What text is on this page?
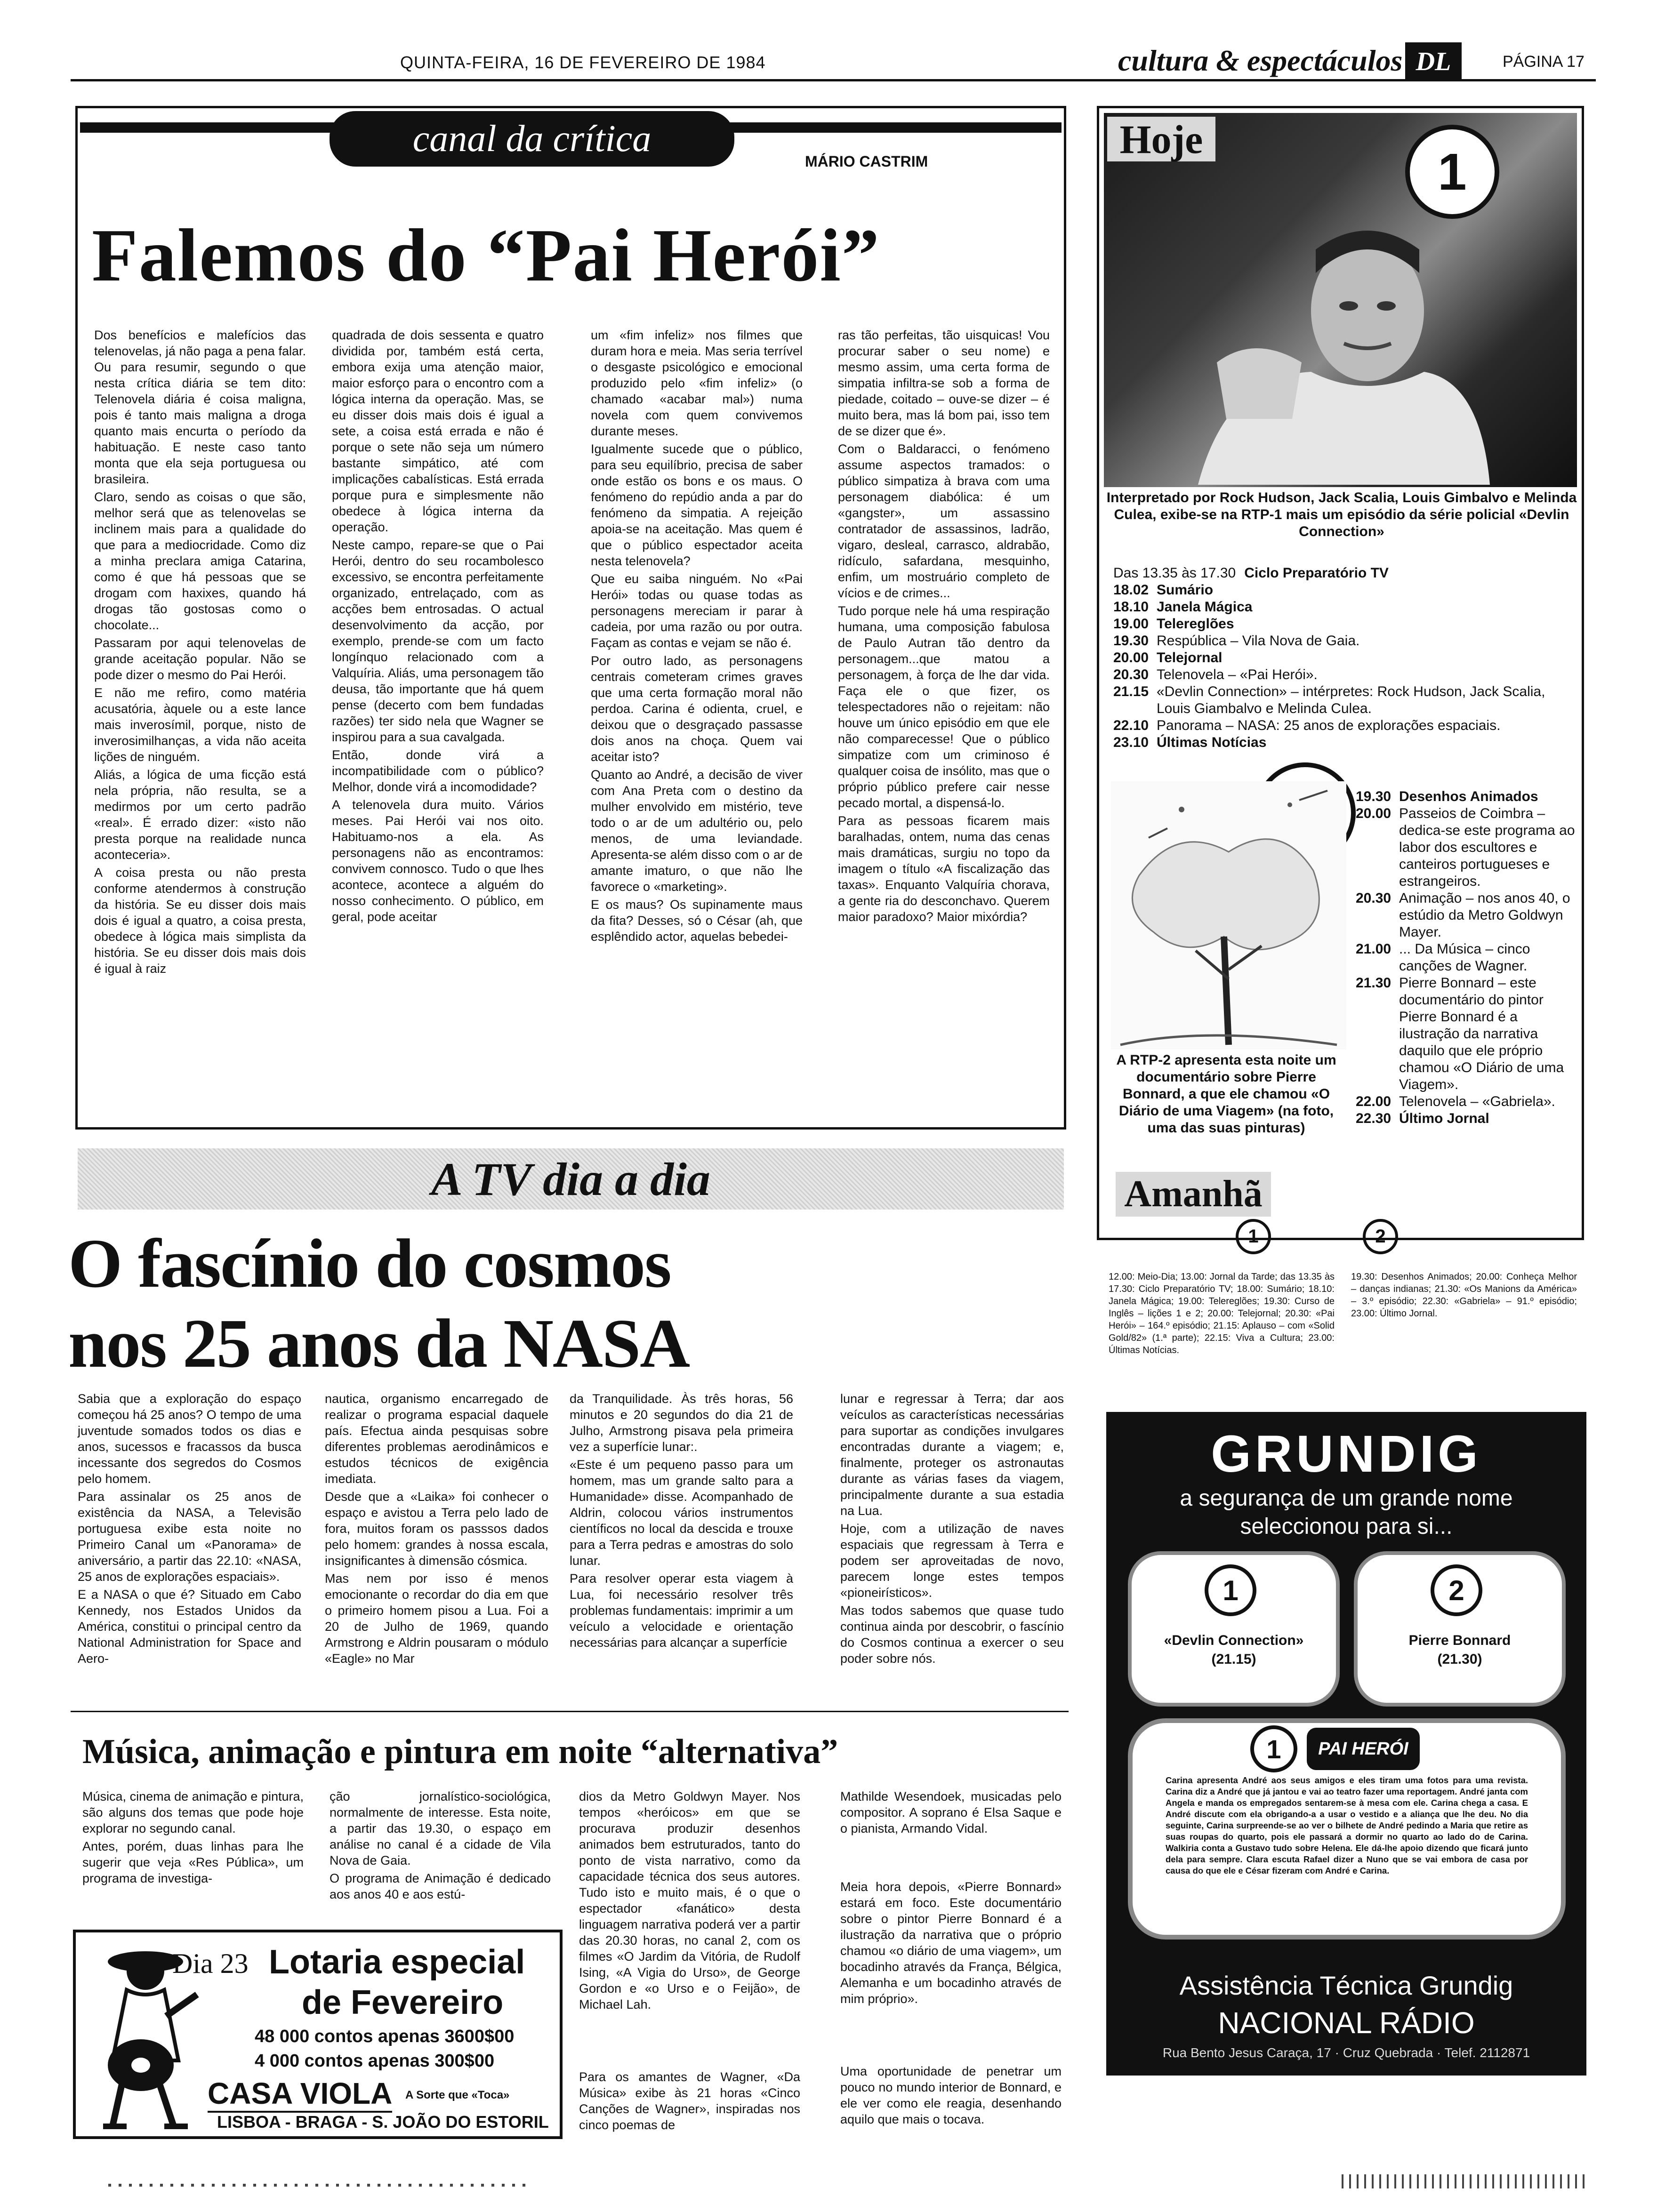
QUINTA-FEIRA, 16 DE FEVEREIRO DE 1984	cultura & espectáculos DL	PÁGINA 17
canal da crítica
MÁRIO CASTRIM
Falemos do “Pai Herói”

Dos benefícios e malefícios das telenovelas, já não paga a pena falar. Ou para resumir, segundo o que nesta crítica diária se tem dito: Telenovela diária é coisa maligna, pois é tanto mais maligna a droga quanto mais encurta o período da habituação. E neste caso tanto monta que ela seja portuguesa ou brasileira.

Claro, sendo as coisas o que são, melhor será que as telenovelas se inclinem mais para a qualidade do que para a mediocridade. Como diz a minha preclara amiga Catarina, como é que há pessoas que se drogam com haxixes, quando há drogas tão gostosas como o chocolate...

Passaram por aqui telenovelas de grande aceitação popular. Não se pode dizer o mesmo do Pai Herói.

E não me refiro, como matéria acusatória, àquele ou a este lance mais inverosímil, porque, nisto de inverosimilhanças, a vida não aceita lições de ninguém.

Aliás, a lógica de uma ficção está nela própria, não resulta, se a medirmos por um certo padrão «real». É errado dizer: «isto não presta porque na realidade nunca aconteceria».

A coisa presta ou não presta conforme atendermos à construção da história. Se eu disser dois mais dois é igual a quatro, a coisa presta, obedece à lógica mais simplista da história. Se eu disser dois mais dois é igual à raiz

quadrada de dois sessenta e quatro dividida por, também está certa, embora exija uma atenção maior, maior esforço para o encontro com a lógica interna da operação. Mas, se eu disser dois mais dois é igual a sete, a coisa está errada e não é porque o sete não seja um número bastante simpático, até com implicações cabalísticas. Está errada porque pura e simplesmente não obedece à lógica interna da operação.

Neste campo, repare-se que o Pai Herói, dentro do seu rocambolesco excessivo, se encontra perfeitamente organizado, entrelaçado, com as acções bem entrosadas. O actual desenvolvimento da acção, por exemplo, prende-se com um facto longínquo relacionado com a Valquíria. Aliás, uma personagem tão deusa, tão importante que há quem pense (decerto com bem fundadas razões) ter sido nela que Wagner se inspirou para a sua cavalgada.

Então, donde virá a incompatibilidade com o público? Melhor, donde virá a incomodidade?

A telenovela dura muito. Vários meses. Pai Herói vai nos oito. Habituamo-nos a ela. As personagens não as encontramos: convivem connosco. Tudo o que lhes acontece, acontece a alguém do nosso conhecimento. O público, em geral, pode aceitar

um «fim infeliz» nos filmes que duram hora e meia. Mas seria terrível o desgaste psicológico e emocional produzido pelo «fim infeliz» (o chamado «acabar mal») numa novela com quem convivemos durante meses.

Igualmente sucede que o público, para seu equilíbrio, precisa de saber onde estão os bons e os maus. O fenómeno do repúdio anda a par do fenómeno da simpatia. A rejeição apoia-se na aceitação. Mas quem é que o público espectador aceita nesta telenovela?

Que eu saiba ninguém. No «Pai Herói» todas ou quase todas as personagens mereciam ir parar à cadeia, por uma razão ou por outra. Façam as contas e vejam se não é.

Por outro lado, as personagens centrais cometeram crimes graves que uma certa formação moral não perdoa. Carina é odienta, cruel, e deixou que o desgraçado passasse dois anos na choça. Quem vai aceitar isto?

Quanto ao André, a decisão de viver com Ana Preta com o destino da mulher envolvido em mistério, teve todo o ar de um adultério ou, pelo menos, de uma leviandade. Apresenta-se além disso com o ar de amante imaturo, o que não lhe favorece o «marketing».

E os maus? Os supinamente maus da fita? Desses, só o César (ah, que esplêndido actor, aquelas bebedei-

ras tão perfeitas, tão uisquicas! Vou procurar saber o seu nome) e mesmo assim, uma certa forma de simpatia infiltra-se sob a forma de piedade, coitado – ouve-se dizer – é muito bera, mas lá bom pai, isso tem de se dizer que é».

Com o Baldaracci, o fenómeno assume aspectos tramados: o público simpatiza à brava com uma personagem diabólica: é um «gangster», um assassino contratador de assassinos, ladrão, vigaro, desleal, carrasco, aldrabão, ridículo, safardana, mesquinho, enfim, um mostruário completo de vícios e de crimes...

Tudo porque nele há uma respiração humana, uma composição fabulosa de Paulo Autran tão dentro da personagem...que matou a personagem, à força de lhe dar vida. Faça ele o que fizer, os telespectadores não o rejeitam: não houve um único episódio em que ele não comparecesse! Que o público simpatize com um criminoso é qualquer coisa de insólito, mas que o próprio público prefere cair nesse pecado mortal, a dispensá-lo.

Para as pessoas ficarem mais baralhadas, ontem, numa das cenas mais dramáticas, surgiu no topo da imagem o título «A fiscalização das taxas». Enquanto Valquíria chorava, a gente ria do desconchavo. Querem maior paradoxo? Maior mixórdia?

A TV dia a dia
O fascínio do cosmos
nos 25 anos da NASA

Sabia que a exploração do espaço começou há 25 anos? O tempo de uma juventude somados todos os dias e anos, sucessos e fracassos da busca incessante dos segredos do Cosmos pelo homem.

Para assinalar os 25 anos de existência da NASA, a Televisão portuguesa exibe esta noite no Primeiro Canal um «Panorama» de aniversário, a partir das 22.10: «NASA, 25 anos de explorações espaciais».

E a NASA o que é? Situado em Cabo Kennedy, nos Estados Unidos da América, constitui o principal centro da National Administration for Space and Aero-

nautica, organismo encarregado de realizar o programa espacial daquele país. Efectua ainda pesquisas sobre diferentes problemas aerodinâmicos e estudos técnicos de exigência imediata.

Desde que a «Laika» foi conhecer o espaço e avistou a Terra pelo lado de fora, muitos foram os passsos dados pelo homem: grandes à nossa escala, insignificantes à dimensão cósmica.

Mas nem por isso é menos emocionante o recordar do dia em que o primeiro homem pisou a Lua. Foi a 20 de Julho de 1969, quando Armstrong e Aldrin pousaram o módulo «Eagle» no Mar

da Tranquilidade. Às três horas, 56 minutos e 20 segundos do dia 21 de Julho, Armstrong pisava pela primeira vez a superfície lunar:.

«Este é um pequeno passo para um homem, mas um grande salto para a Humanidade» disse. Acompanhado de Aldrin, colocou vários instrumentos científicos no local da descida e trouxe para a Terra pedras e amostras do solo lunar.

Para resolver operar esta viagem à Lua, foi necessário resolver três problemas fundamentais: imprimir a um veículo a velocidade e orientação necessárias para alcançar a superfície

lunar e regressar à Terra; dar aos veículos as características necessárias para suportar as condições invulgares encontradas durante a viagem; e, finalmente, proteger os astronautas durante as várias fases da viagem, principalmente durante a sua estadia na Lua.

Hoje, com a utilização de naves espaciais que regressam à Terra e podem ser aproveitadas de novo, parecem longe estes tempos «pioneirísticos».

Mas todos sabemos que quase tudo continua ainda por descobrir, o fascínio do Cosmos continua a exercer o seu poder sobre nós.

Música, animação e pintura em noite “alternativa”

Música, cinema de animação e pintura, são alguns dos temas que pode hoje explorar no segundo canal.

Antes, porém, duas linhas para lhe sugerir que veja «Res Pública», um programa de investiga-

ção jornalístico-sociológica, normalmente de interesse. Esta noite, a partir das 19.30, o espaço em análise no canal é a cidade de Vila Nova de Gaia.

O programa de Animação é dedicado aos anos 40 e aos estú-

dios da Metro Goldwyn Mayer. Nos tempos «heróicos» em que se procurava produzir desenhos animados bem estruturados, tanto do ponto de vista narrativo, como da capacidade técnica dos seus autores. Tudo isto e muito mais, é o que o espectador «fanático» desta linguagem narrativa poderá ver a partir das 20.30 horas, no canal 2, com os filmes «O Jardim da Vitória, de Rudolf Ising, «A Vigia do Urso», de George Gordon e «o Urso e o Feijão», de Michael Lah.

Para os amantes de Wagner, «Da Música» exibe às 21 horas «Cinco Canções de Wagner», inspiradas nos cinco poemas de

Mathilde Wesendoek, musicadas pelo compositor. A soprano é Elsa Saque e o pianista, Armando Vidal.

Meia hora depois, «Pierre Bonnard» estará em foco. Este documentário sobre o pintor Pierre Bonnard é a ilustração da narrativa que o próprio chamou «o diário de uma viagem», um bocadinho através da França, Bélgica, Alemanha e um bocadinho através de mim próprio».

Uma oportunidade de penetrar um pouco no mundo interior de Bonnard, e ele ver como ele reagia, desenhando aquilo que mais o tocava.

Dia 23 Lotaria especial
de Fevereiro
48 000 contos apenas 3600$00
4 000 contos apenas 300$00
CASA VIOLA A Sorte que «Toca»
LISBOA - BRAGA - S. JOÃO DO ESTORIL
Hoje
1
Interpretado por Rock Hudson, Jack Scalia, Louis Gimbalvo e Melinda Culea, exibe-se na RTP-1 mais um episódio da série policial «Devlin Connection»
Das 13.35 às 17.30 Ciclo Preparatório TV
18.02 Sumário
18.10 Janela Mágica
19.00 Telereglões
19.30 Respública – Vila Nova de Gaia.
20.00 Telejornal
20.30 Telenovela – «Pai Herói».
21.15 «Devlin Connection» – intérpretes: Rock Hudson, Jack Scalia, Louis Giambalvo e Melinda Culea.
22.10 Panorama – NASA: 25 anos de explorações espaciais.
23.10 Últimas Notícias
A RTP-2 apresenta esta noite um documentário sobre Pierre Bonnard, a que ele chamou «O Diário de uma Viagem» (na foto, uma das suas pinturas)
19.30 Desenhos Animados
20.00 Passeios de Coimbra – dedica-se este programa ao labor dos escultores e canteiros portugueses e estrangeiros.
20.30 Animação – nos anos 40, o estúdio da Metro Goldwyn Mayer.
21.00 ... Da Música – cinco canções de Wagner.
21.30 Pierre Bonnard – este documentário do pintor Pierre Bonnard é a ilustração da narrativa daquilo que ele próprio chamou «O Diário de uma Viagem».
22.00 Telenovela – «Gabriela».
22.30 Último Jornal
Amanhã
1	2
12.00: Meio-Dia; 13.00: Jornal da Tarde; das 13.35 às 17.30: Ciclo Preparatório TV; 18.00: Sumário; 18.10: Janela Mágica; 19.00: Telereglões; 19.30: Curso de Inglês – lições 1 e 2; 20.00: Telejornal; 20.30: «Pai Herói» – 164.º episódio; 21.15: Aplauso – com «Solid Gold/82» (1.ª parte); 22.15: Viva a Cultura; 23.00: Últimas Notícias.
19.30: Desenhos Animados; 20.00: Conheça Melhor – danças indianas; 21.30: «Os Manions da América» – 3.º episódio; 22.30: «Gabriela» – 91.º episódio; 23.00: Último Jornal.
GRUNDIG
a segurança de um grande nome
seleccionou para si...
1
«Devlin Connection»
(21.15)
2
Pierre Bonnard
(21.30)
1	PAI HERÓI
Carina apresenta André aos seus amigos e eles tiram uma fotos para uma revista. Carina diz a André que já jantou e vai ao teatro fazer uma reportagem. André janta com Angela e manda os empregados sentarem-se à mesa com ele. Carina chega a casa. E André discute com ela obrigando-a a usar o vestido e a aliança que lhe deu. No dia seguinte, Carina surpreende-se ao ver o bilhete de André pedindo a Maria que retire as suas roupas do quarto, pois ele passará a dormir no quarto ao lado do de Carina. Walkiria conta a Gustavo tudo sobre Helena. Ele dá-lhe apoio dizendo que ficará junto dela para sempre. Clara escuta Rafael dizer a Nuno que se vai embora de casa por causa do que ele e César fizeram com André e Carina.
Assistência Técnica Grundig
NACIONAL RÁDIO
Rua Bento Jesus Caraça, 17 · Cruz Quebrada · Telef. 2112871
